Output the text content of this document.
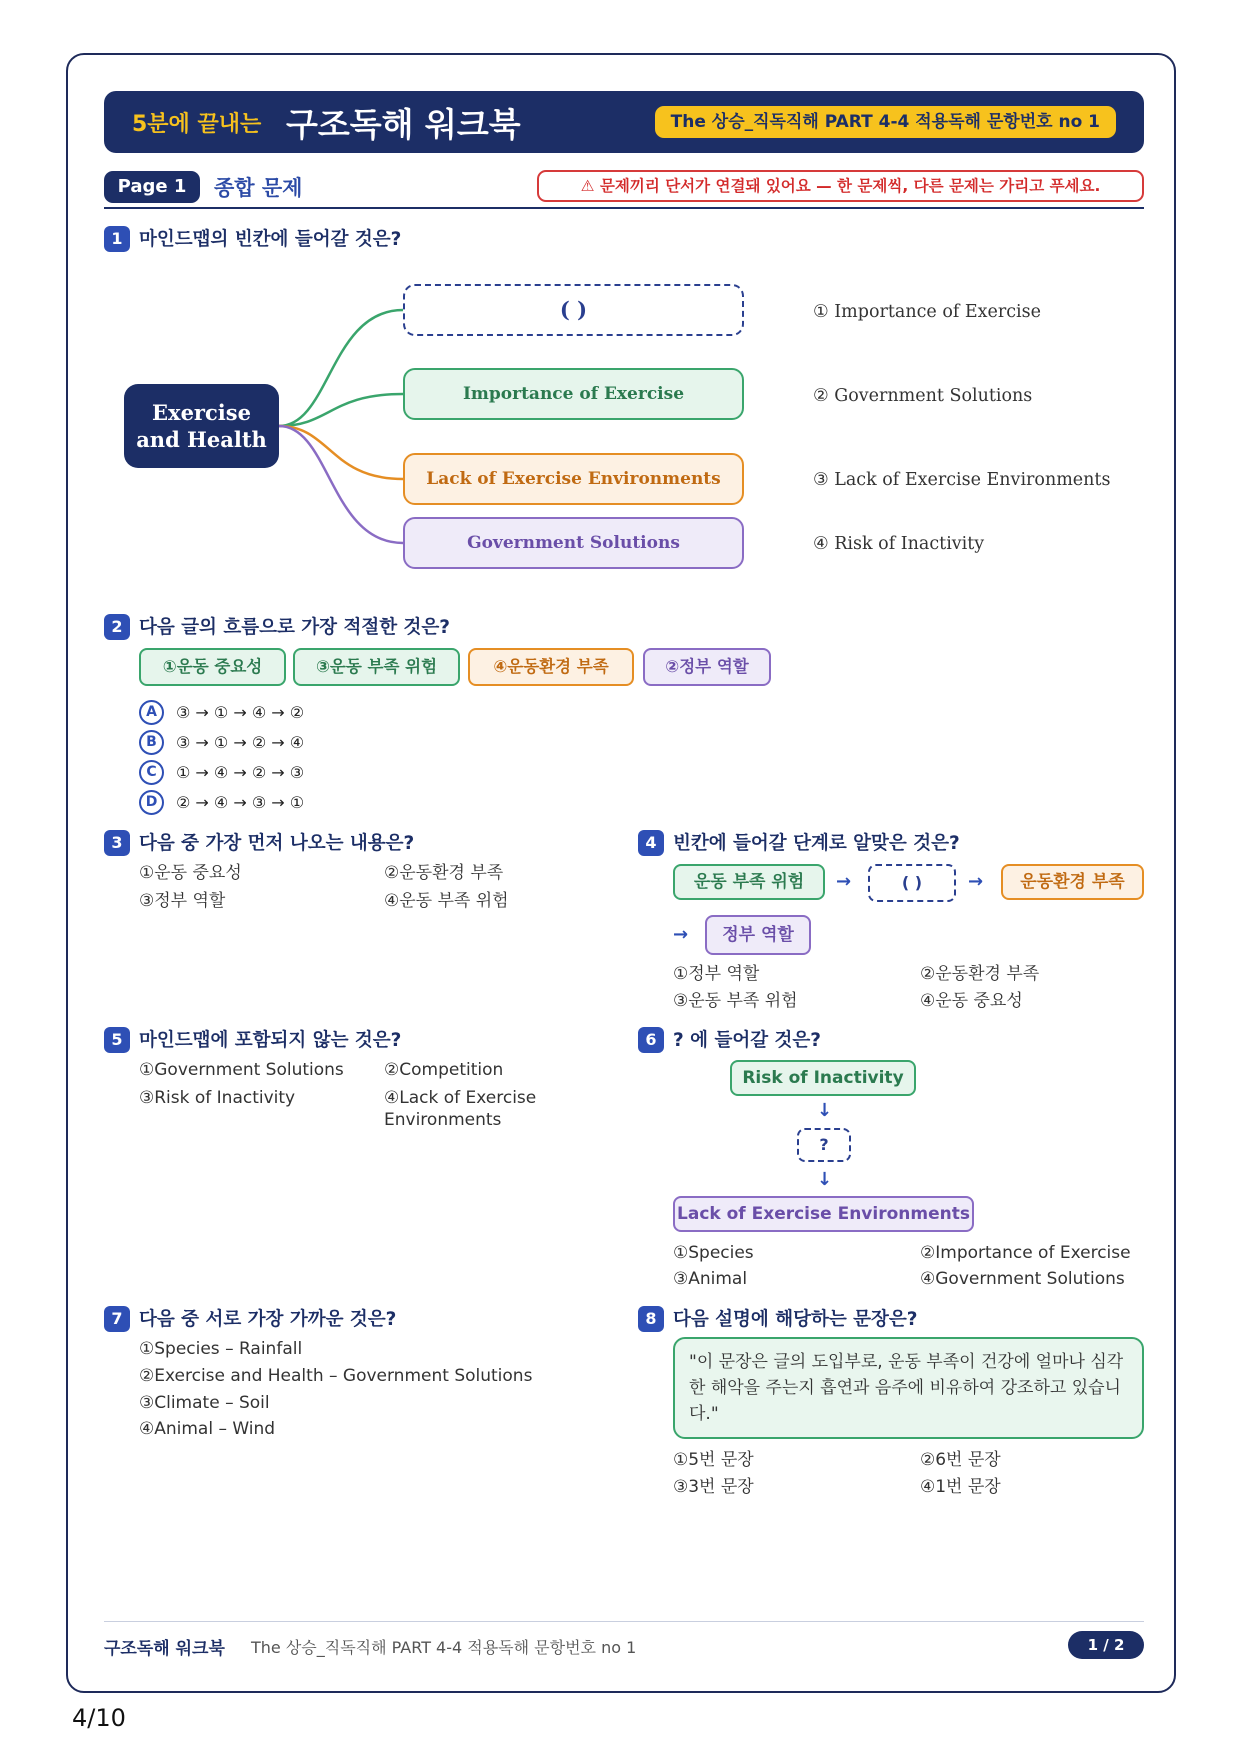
5분에 끝내는 구조독해 워크북	The 상승_직독직해 PART 4-4 적용독해 문항번호 no 1
Page 1	종합 문제	⚠ 문제끼리 단서가 연결돼 있어요 — 한 문제씩, 다른 문제는 가리고 푸세요.
1 마인드맵의 빈칸에 들어갈 것은?
Exercise
and Health
( )
Importance of Exercise
Lack of Exercise Environments
Government Solutions
① Importance of Exercise
② Government Solutions
③ Lack of Exercise Environments
④ Risk of Inactivity
2 다음 글의 흐름으로 가장 적절한 것은?
①운동 중요성	③운동 부족 위험	④운동환경 부족	②정부 역할
A ③ → ① → ④ → ②
B ③ → ① → ② → ④
C ① → ④ → ② → ③
D ② → ④ → ③ → ①
3 다음 중 가장 먼저 나오는 내용은?
①운동 중요성	②운동환경 부족
③정부 역할	④운동 부족 위험
4 빈칸에 들어갈 단계로 알맞은 것은?
운동 부족 위험	→	( )	→	운동환경 부족
→	정부 역할
①정부 역할	②운동환경 부족
③운동 부족 위험	④운동 중요성
5 마인드맵에 포함되지 않는 것은?
①Government Solutions ②Competition
③Risk of Inactivity	④Lack of Exercise Environments
6 ? 에 들어갈 것은?
Risk of Inactivity
↓
?
↓
Lack of Exercise Environments
①Species	②Importance of Exercise
③Animal	④Government Solutions
7 다음 중 서로 가장 가까운 것은?
①Species – Rainfall
②Exercise and Health – Government Solutions
③Climate – Soil
④Animal – Wind
8 다음 설명에 해당하는 문장은?
"이 문장은 글의 도입부로, 운동 부족이 건강에 얼마나 심각한 해악을 주는지 흡연과 음주에 비유하여 강조하고 있습니다."
①5번 문장	②6번 문장
③3번 문장	④1번 문장
구조독해 워크북 The 상승_직독직해 PART 4-4 적용독해 문항번호 no 1	1 / 2
4/10
